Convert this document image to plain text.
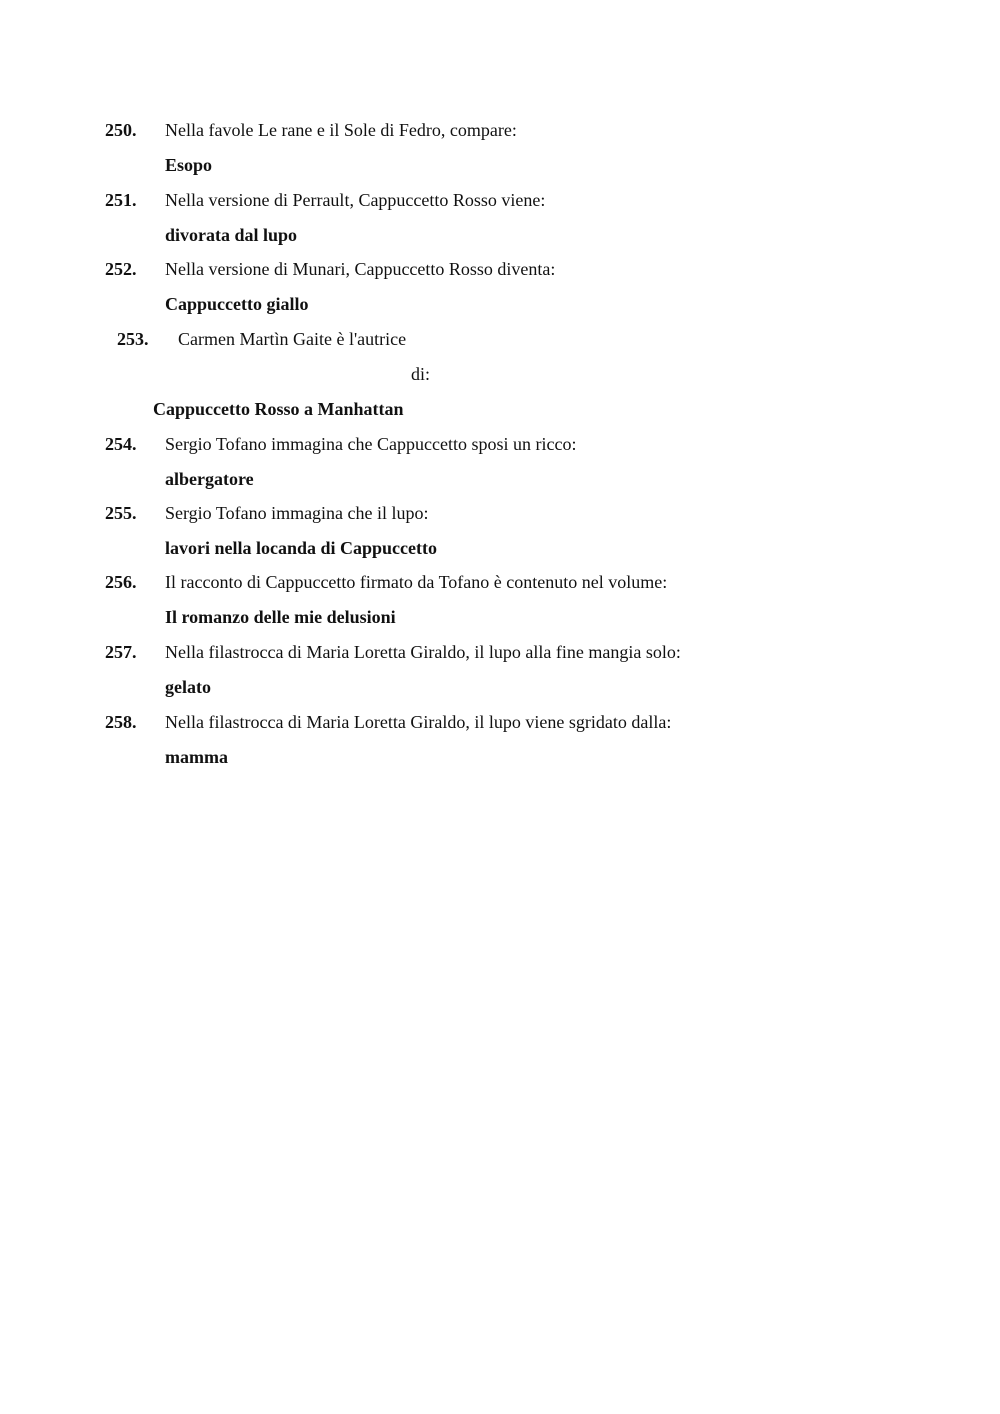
250. Nella favole Le rane e il Sole di Fedro, compare:
Esopo
251. Nella versione di Perrault, Cappuccetto Rosso viene:
divorata dal lupo
252. Nella versione di Munari, Cappuccetto Rosso diventa:
Cappuccetto giallo
253. Carmen Martìn Gaite è l'autrice
di:
Cappuccetto Rosso a Manhattan
254. Sergio Tofano immagina che Cappuccetto sposi un ricco:
albergatore
255. Sergio Tofano immagina che il lupo:
lavori nella locanda di Cappuccetto
256. Il racconto di Cappuccetto firmato da Tofano è contenuto nel volume:
Il romanzo delle mie delusioni
257. Nella filastrocca di Maria Loretta Giraldo, il lupo alla fine mangia solo:
gelato
258. Nella filastrocca di Maria Loretta Giraldo, il lupo viene sgridato dalla:
mamma
